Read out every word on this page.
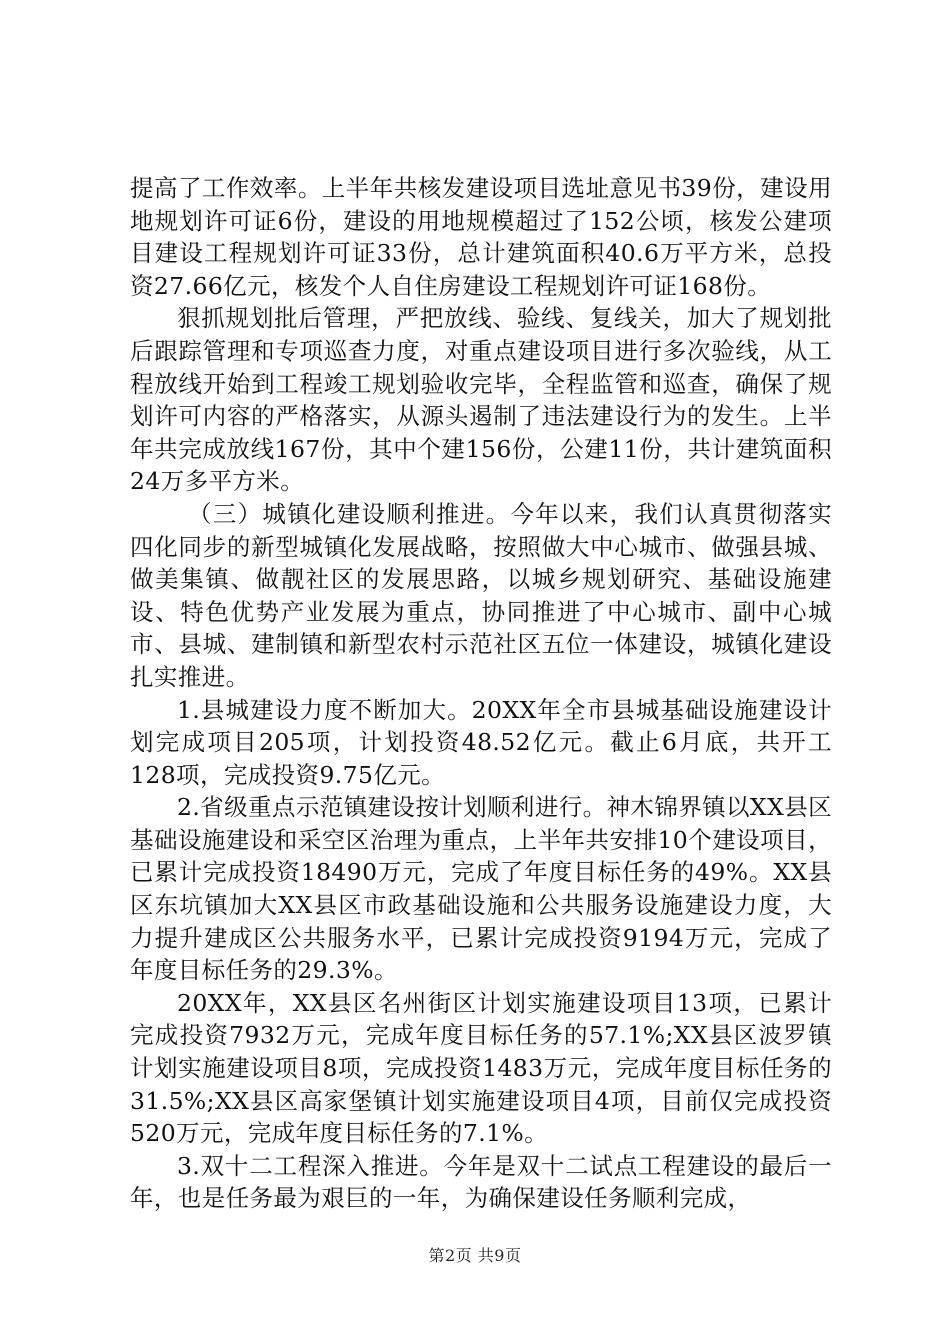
提高了工作效率。上半年共核发建设项目选址意见书39份，建设用地规划许可证6份，建设的用地规模超过了152公顷，核发公建项目建设工程规划许可证33份，总计建筑面积40.6万平方米，总投资27.66亿元，核发个人自住房建设工程规划许可证168份。

狠抓规划批后管理，严把放线、验线、复线关，加大了规划批后跟踪管理和专项巡查力度，对重点建设项目进行多次验线，从工程放线开始到工程竣工规划验收完毕，全程监管和巡查，确保了规划许可内容的严格落实，从源头遏制了违法建设行为的发生。上半年共完成放线167份，其中个建156份，公建11份，共计建筑面积24万多平方米。

（三）城镇化建设顺利推进。今年以来，我们认真贯彻落实四化同步的新型城镇化发展战略，按照做大中心城市、做强县城、做美集镇、做靓社区的发展思路，以城乡规划研究、基础设施建设、特色优势产业发展为重点，协同推进了中心城市、副中心城市、县城、建制镇和新型农村示范社区五位一体建设，城镇化建设扎实推进。

1.县城建设力度不断加大。20XX年全市县城基础设施建设计划完成项目205项，计划投资48.52亿元。截止6月底，共开工128项，完成投资9.75亿元。

2.省级重点示范镇建设按计划顺利进行。神木锦界镇以XX县区基础设施建设和采空区治理为重点，上半年共安排10个建设项目，已累计完成投资18490万元，完成了年度目标任务的49%。XX县区东坑镇加大XX县区市政基础设施和公共服务设施建设力度，大力提升建成区公共服务水平，已累计完成投资9194万元，完成了年度目标任务的29.3%。

20XX年，XX县区名州街区计划实施建设项目13项，已累计完成投资7932万元，完成年度目标任务的57.1%;XX县区波罗镇计划实施建设项目8项，完成投资1483万元，完成年度目标任务的31.5%;XX县区高家堡镇计划实施建设项目4项，目前仅完成投资520万元，完成年度目标任务的7.1%。

3.双十二工程深入推进。今年是双十二试点工程建设的最后一年，也是任务最为艰巨的一年，为确保建设任务顺利完成，

第2页 共9页
